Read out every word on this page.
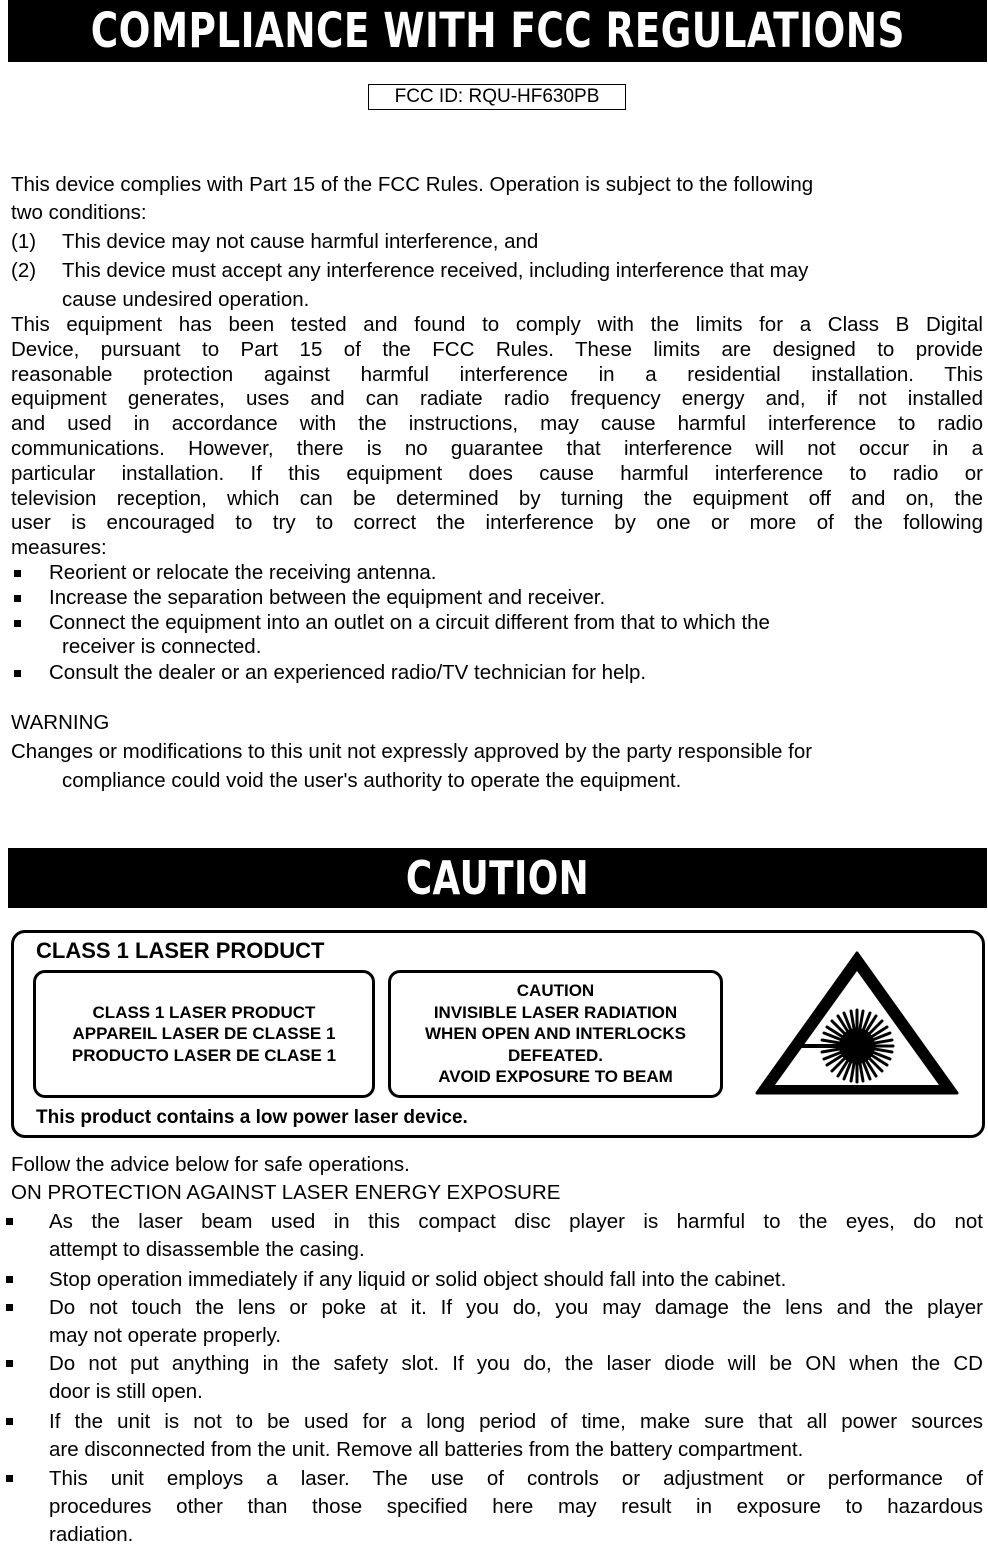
COMPLIANCE WITH FCC REGULATIONS
FCC ID: RQU-HF630PB
This device complies with Part 15 of the FCC Rules. Operation is subject to the following
two conditions:
(1) This device may not cause harmful interference, and
(2) This device must accept any interference received, including interference that may
cause undesired operation.
This equipment has been tested and found to comply with the limits for a Class B Digital
Device, pursuant to Part 15 of the FCC Rules. These limits are designed to provide
reasonable protection against harmful interference in a residential installation. This
equipment generates, uses and can radiate radio frequency energy and, if not installed
and used in accordance with the instructions, may cause harmful interference to radio
communications. However, there is no guarantee that interference will not occur in a
particular installation. If this equipment does cause harmful interference to radio or
television reception, which can be determined by turning the equipment off and on, the
user is encouraged to try to correct the interference by one or more of the following
measures:
Reorient or relocate the receiving antenna.
Increase the separation between the equipment and receiver.
Connect the equipment into an outlet on a circuit different from that to which the
receiver is connected.
Consult the dealer or an experienced radio/TV technician for help.
WARNING
Changes or modifications to this unit not expressly approved by the party responsible for
compliance could void the user's authority to operate the equipment.
CAUTION
CLASS 1 LASER PRODUCT
CLASS 1 LASER PRODUCT
APPAREIL LASER DE CLASSE 1
PRODUCTO LASER DE CLASE 1
CAUTION
INVISIBLE LASER RADIATION
WHEN OPEN AND INTERLOCKS
DEFEATED.
AVOID EXPOSURE TO BEAM
This product contains a low power laser device.
Follow the advice below for safe operations.
ON PROTECTION AGAINST LASER ENERGY EXPOSURE
As the laser beam used in this compact disc player is harmful to the eyes, do not
attempt to disassemble the casing.
Stop operation immediately if any liquid or solid object should fall into the cabinet.
Do not touch the lens or poke at it. If you do, you may damage the lens and the player
may not operate properly.
Do not put anything in the safety slot. If you do, the laser diode will be ON when the CD
door is still open.
If the unit is not to be used for a long period of time, make sure that all power sources
are disconnected from the unit. Remove all batteries from the battery compartment.
This unit employs a laser. The use of controls or adjustment or performance of
procedures other than those specified here may result in exposure to hazardous
radiation.
